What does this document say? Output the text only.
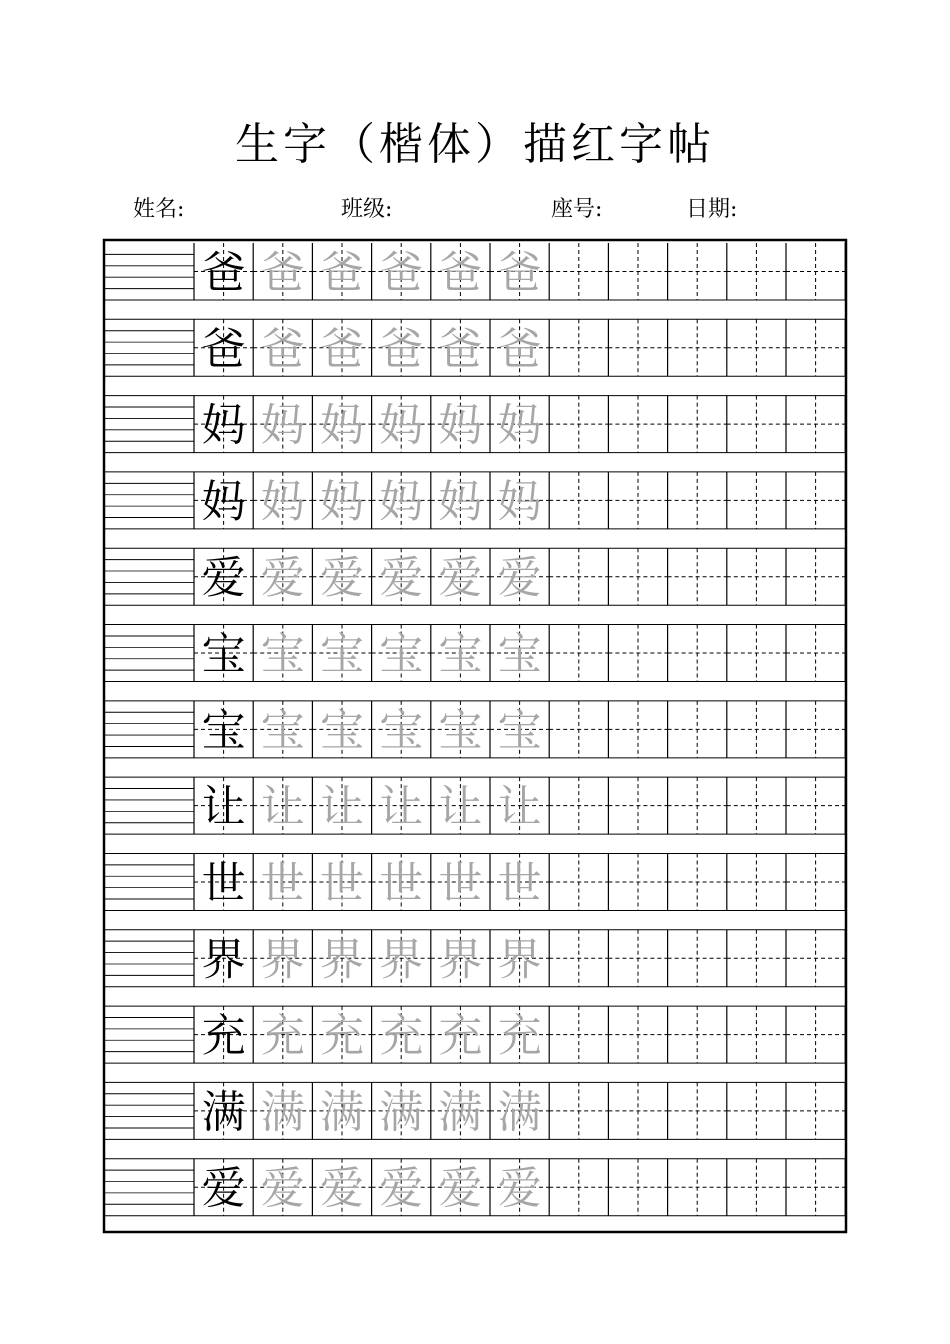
生字（楷体）描红字帖
姓名:	班级:	座号:	日期:
爸 爸 爸 爸 爸 爸
爸 爸 爸 爸 爸 爸
妈 妈 妈 妈 妈 妈
妈 妈 妈 妈 妈 妈
爱 爱 爱 爱 爱 爱
宝 宝 宝 宝 宝 宝
宝 宝 宝 宝 宝 宝
让 让 让 让 让 让
世 世 世 世 世 世
界 界 界 界 界 界
充 充 充 充 充 充
满 满 满 满 满 满
爱 爱 爱 爱 爱 爱
